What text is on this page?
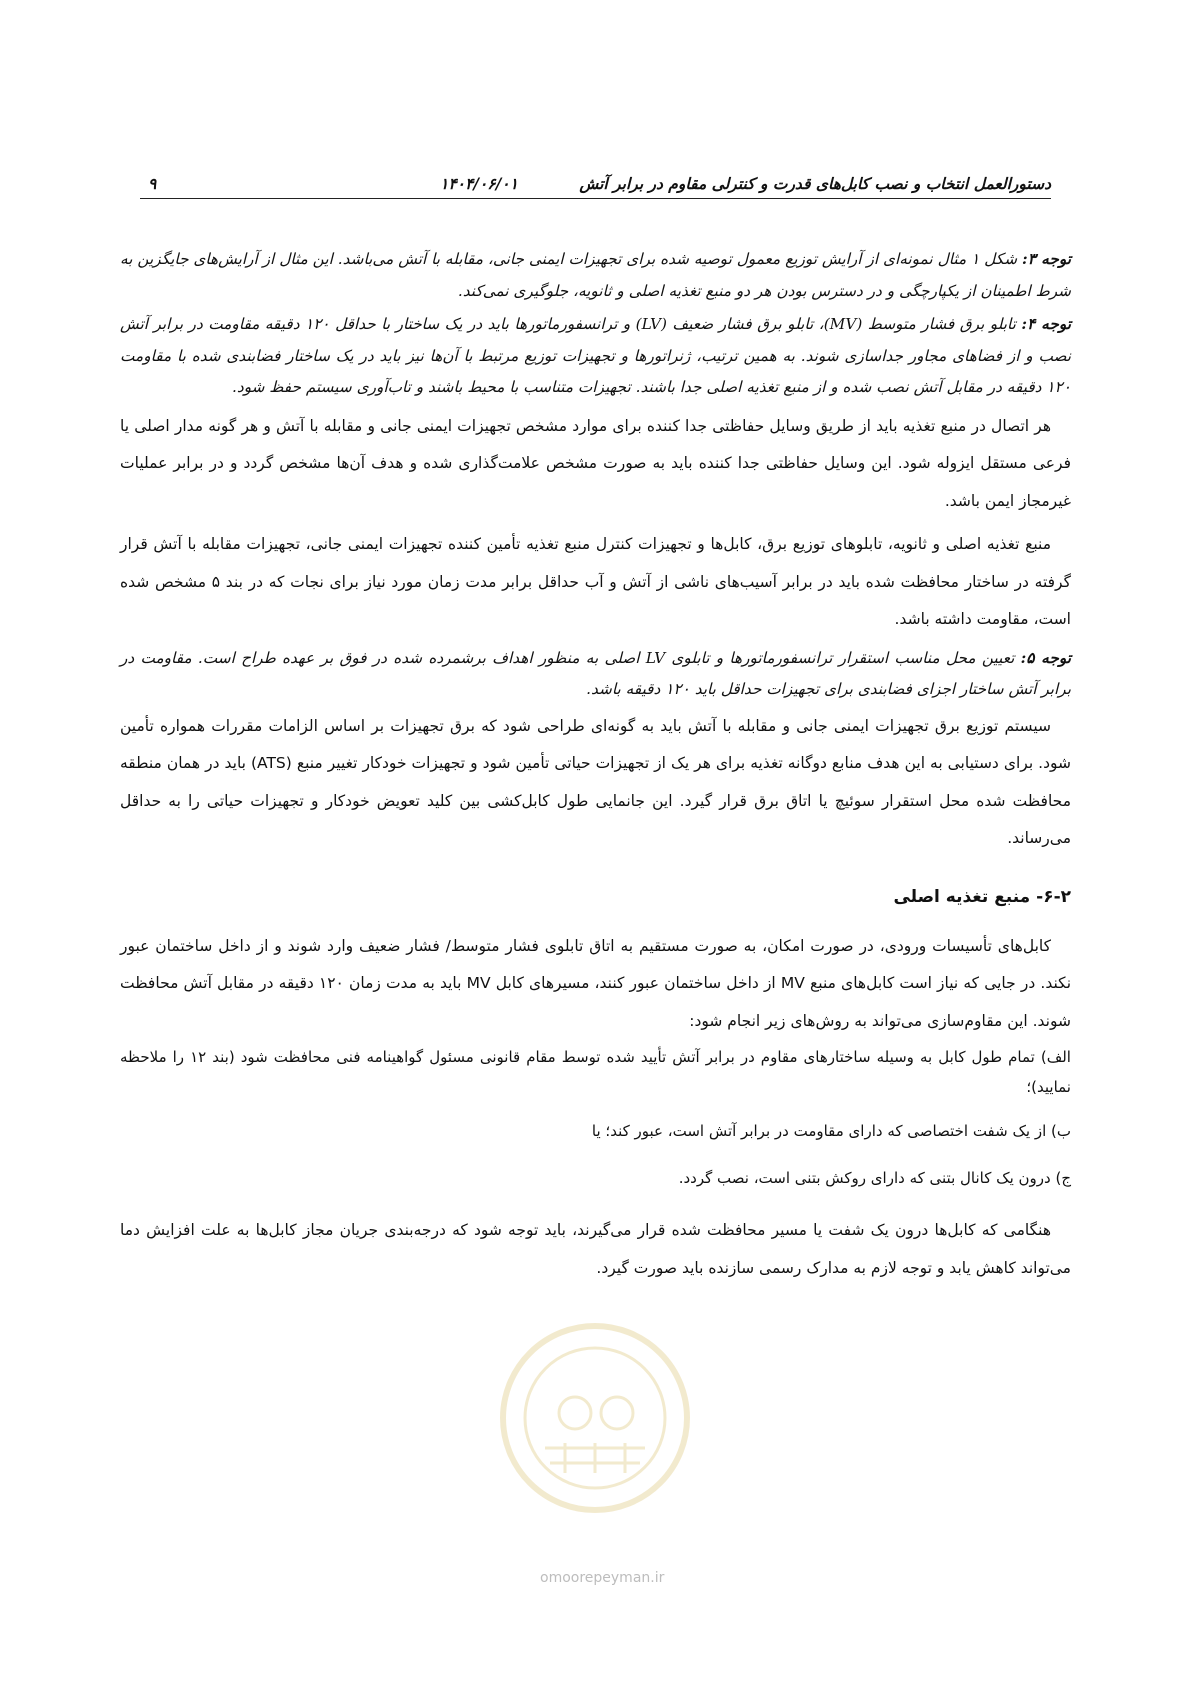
دستورالعمل انتخاب و نصب کابل‌های قدرت و کنترلی مقاوم در برابر آتش
۱۴۰۴/۰۶/۰۱
۹

توجه ۳: شکل ۱ مثال نمونه‌ای از آرایش توزیع معمول توصیه شده برای تجهیزات ایمنی جانی، مقابله با آتش می‌باشد. این مثال از آرایش‌های جایگزین به شرط اطمینان از یکپارچگی و در دسترس بودن هر دو منبع تغذیه اصلی و ثانویه، جلوگیری نمی‌کند.

توجه ۴: تابلو برق فشار متوسط (MV)، تابلو برق فشار ضعیف (LV) و ترانسفورماتورها باید در یک ساختار با حداقل ۱۲۰ دقیقه مقاومت در برابر آتش نصب و از فضاهای مجاور جداسازی شوند. به همین ترتیب، ژنراتورها و تجهیزات توزیع مرتبط با آن‌ها نیز باید در یک ساختار فضابندی شده با مقاومت ۱۲۰ دقیقه در مقابل آتش نصب شده و از منبع تغذیه اصلی جدا باشند. تجهیزات متناسب با محیط باشند و تاب‌آوری سیستم حفظ شود.

هر اتصال در منبع تغذیه باید از طریق وسایل حفاظتی جدا کننده برای موارد مشخص تجهیزات ایمنی جانی و مقابله با آتش و هر گونه مدار اصلی یا فرعی مستقل ایزوله شود. این وسایل حفاظتی جدا کننده باید به صورت مشخص علامت‌گذاری شده و هدف آن‌ها مشخص گردد و در برابر عملیات غیرمجاز ایمن باشد.

منبع تغذیه اصلی و ثانویه، تابلوهای توزیع برق، کابل‌ها و تجهیزات کنترل منبع تغذیه تأمین کننده تجهیزات ایمنی جانی، تجهیزات مقابله با آتش قرار گرفته در ساختار محافظت شده باید در برابر آسیب‌های ناشی از آتش و آب حداقل برابر مدت زمان مورد نیاز برای نجات که در بند ۵ مشخص شده است، مقاومت داشته باشد.

توجه ۵: تعیین محل مناسب استقرار ترانسفورماتورها و تابلوی LV اصلی به منظور اهداف برشمرده شده در فوق بر عهده طراح است. مقاومت در برابر آتش ساختار اجزای فضابندی برای تجهیزات حداقل باید ۱۲۰ دقیقه باشد.

سیستم توزیع برق تجهیزات ایمنی جانی و مقابله با آتش باید به گونه‌ای طراحی شود که برق تجهیزات بر اساس الزامات مقررات همواره تأمین شود. برای دستیابی به این هدف منابع دوگانه تغذیه برای هر یک از تجهیزات حیاتی تأمین شود و تجهیزات خودکار تغییر منبع (ATS) باید در همان منطقه محافظت شده محل استقرار سوئیچ یا اتاق برق قرار گیرد. این جانمایی طول کابل‌کشی بین کلید تعویض خودکار و تجهیزات حیاتی را به حداقل می‌رساند.

۶-۲- منبع تغذیه اصلی

کابل‌های تأسیسات ورودی، در صورت امکان، به صورت مستقیم به اتاق تابلوی فشار متوسط/ فشار ضعیف وارد شوند و از داخل ساختمان عبور نکند. در جایی که نیاز است کابل‌های منبع MV از داخل ساختمان عبور کنند، مسیرهای کابل MV باید به مدت زمان ۱۲۰ دقیقه در مقابل آتش محافظت شوند. این مقاوم‌سازی می‌تواند به روش‌های زیر انجام شود:

الف) تمام طول کابل به وسیله ساختارهای مقاوم در برابر آتش تأیید شده توسط مقام قانونی مسئول گواهینامه فنی محافظت شود (بند ۱۲ را ملاحظه نمایید)؛

ب) از یک شفت اختصاصی که دارای مقاومت در برابر آتش است، عبور کند؛ یا

ج) درون یک کانال بتنی که دارای روکش بتنی است، نصب گردد.

هنگامی که کابل‌ها درون یک شفت یا مسیر محافظت شده قرار می‌گیرند، باید توجه شود که درجه‌بندی جریان مجاز کابل‌ها به علت افزایش دما می‌تواند کاهش یابد و توجه لازم به مدارک رسمی سازنده باید صورت گیرد.

omoorepeyman.ir
